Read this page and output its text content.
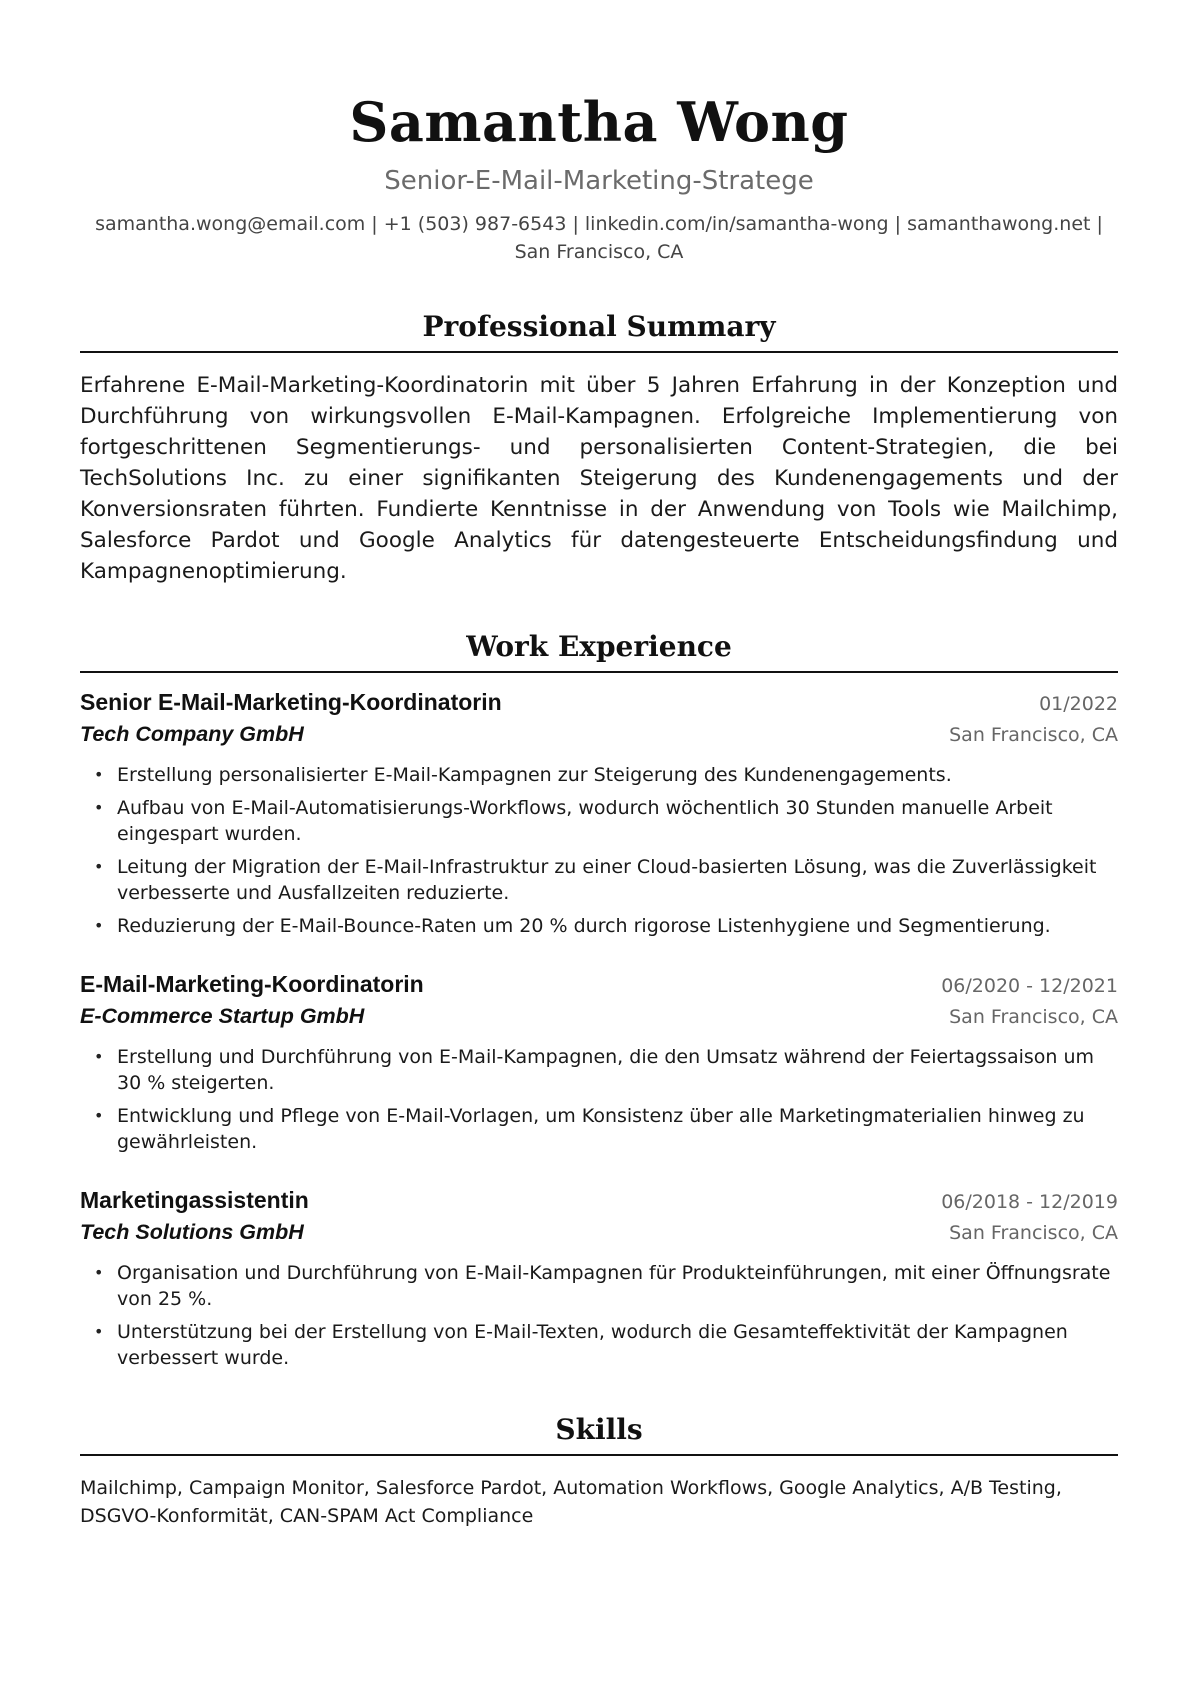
Samantha Wong
Senior-E-Mail-Marketing-Stratege
samantha.wong@email.com | +1 (503) 987-6543 | linkedin.com/in/samantha-wong | samanthawong.net | San Francisco, CA
Professional Summary

Erfahrene E-Mail-Marketing-Koordinatorin mit über 5 Jahren Erfahrung in der Konzeption und Durchführung von wirkungsvollen E-Mail-Kampagnen. Erfolgreiche Implementierung von fortgeschrittenen Segmentierungs- und personalisierten Content-Strategien, die bei TechSolutions Inc. zu einer signifikanten Steigerung des Kundenengagements und der Konversionsraten führten. Fundierte Kenntnisse in der Anwendung von Tools wie Mailchimp, Salesforce Pardot und Google Analytics für datengesteuerte Entscheidungsfindung und Kampagnenoptimierung.

Work Experience
Senior E-Mail-Marketing-Koordinatorin	01/2022
Tech Company GmbH	San Francisco, CA
• Erstellung personalisierter E-Mail-Kampagnen zur Steigerung des Kundenengagements.
• Aufbau von E-Mail-Automatisierungs-Workflows, wodurch wöchentlich 30 Stunden manuelle Arbeit eingespart wurden.
• Leitung der Migration der E-Mail-Infrastruktur zu einer Cloud-basierten Lösung, was die Zuverlässigkeit verbesserte und Ausfallzeiten reduzierte.
• Reduzierung der E-Mail-Bounce-Raten um 20 % durch rigorose Listenhygiene und Segmentierung.
E-Mail-Marketing-Koordinatorin	06/2020 - 12/2021
E-Commerce Startup GmbH	San Francisco, CA
• Erstellung und Durchführung von E-Mail-Kampagnen, die den Umsatz während der Feiertagssaison um 30 % steigerten.
• Entwicklung und Pflege von E-Mail-Vorlagen, um Konsistenz über alle Marketingmaterialien hinweg zu gewährleisten.
Marketingassistentin	06/2018 - 12/2019
Tech Solutions GmbH	San Francisco, CA
• Organisation und Durchführung von E-Mail-Kampagnen für Produkteinführungen, mit einer Öffnungsrate von 25 %.
• Unterstützung bei der Erstellung von E-Mail-Texten, wodurch die Gesamteffektivität der Kampagnen verbessert wurde.
Skills

Mailchimp, Campaign Monitor, Salesforce Pardot, Automation Workflows, Google Analytics, A/B Testing, DSGVO-Konformität, CAN-SPAM Act Compliance
